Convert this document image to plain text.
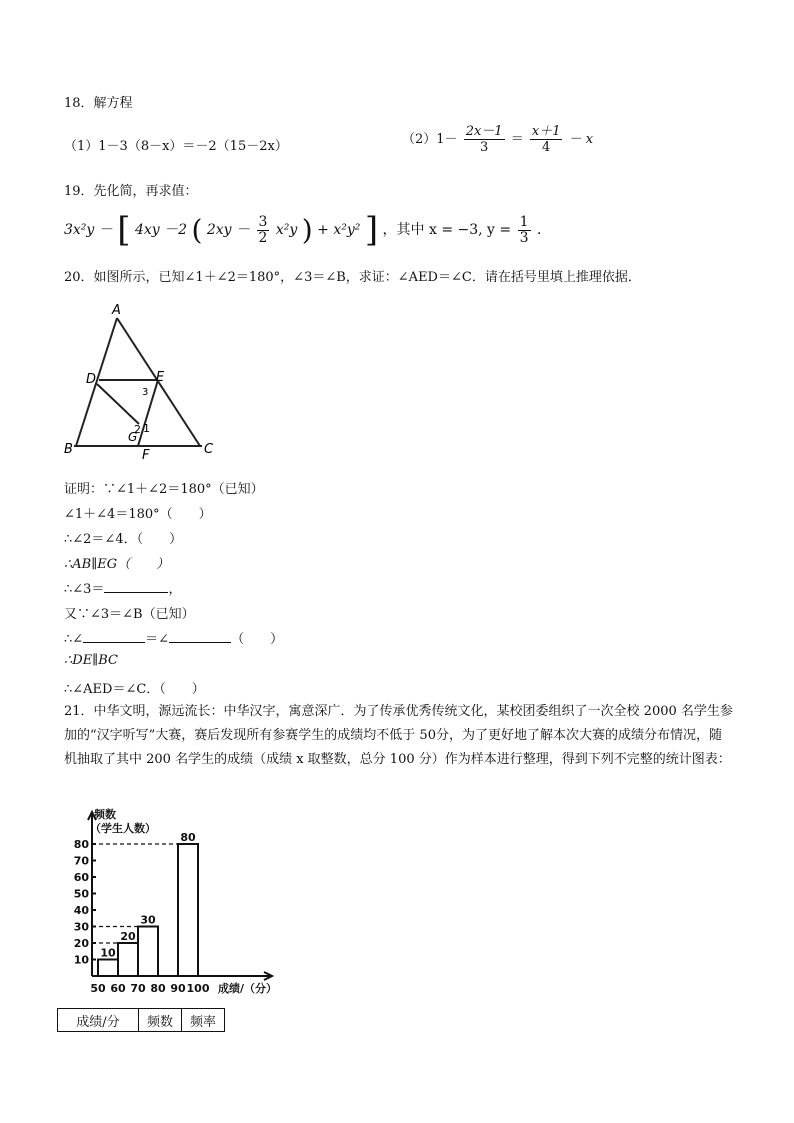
18．解方程
（1）1－3（8－x）＝－2（15－2x）	$(2)1- \frac{2x-1}{3} = \frac{x+1}{4} - x$
19．先化简，再求值：
3x²y － [ 4xy －2 ( $2xy - \frac{3}{2} x^2y$ ) + x²y² ] ，其中 x = −3, $y = \frac{1}{3}$ ．
20．如图所示，已知∠1＋∠2＝180°，∠3＝∠B，求证：∠AED＝∠C．请在括号里填上推理依据．
A
D	E
3
2 1
G
B	F	C
证明：∵∠1＋∠2＝180°（已知）
∠1＋∠4＝180°（　　）
∴∠2＝∠4．（　　）
∴AB∥EG（　　）
∴∠3＝	，
又∵∠3＝∠B（已知）
∴∠	＝∠	（　　）
∴DE∥BC
∴∠AED＝∠C．（　　）
21．中华文明，源远流长：中华汉字，寓意深广．为了传承优秀传统文化，某校团委组织了一次全校 2000 名学生参加的“汉字听写”大赛，赛后发现所有参赛学生的成绩均不低于 50分，为了更好地了解本次大赛的成绩分布情况，随机抽取了其中 200 名学生的成绩（成绩 x 取整数，总分 100 分）作为样本进行整理，得到下列不完整的统计图表：
10
20
30
40
50
60
70
80
50 60 70 80 90 100
10
20
30
80
频数
（学生人数）
成绩/（分）
成绩/分	频数	频率
